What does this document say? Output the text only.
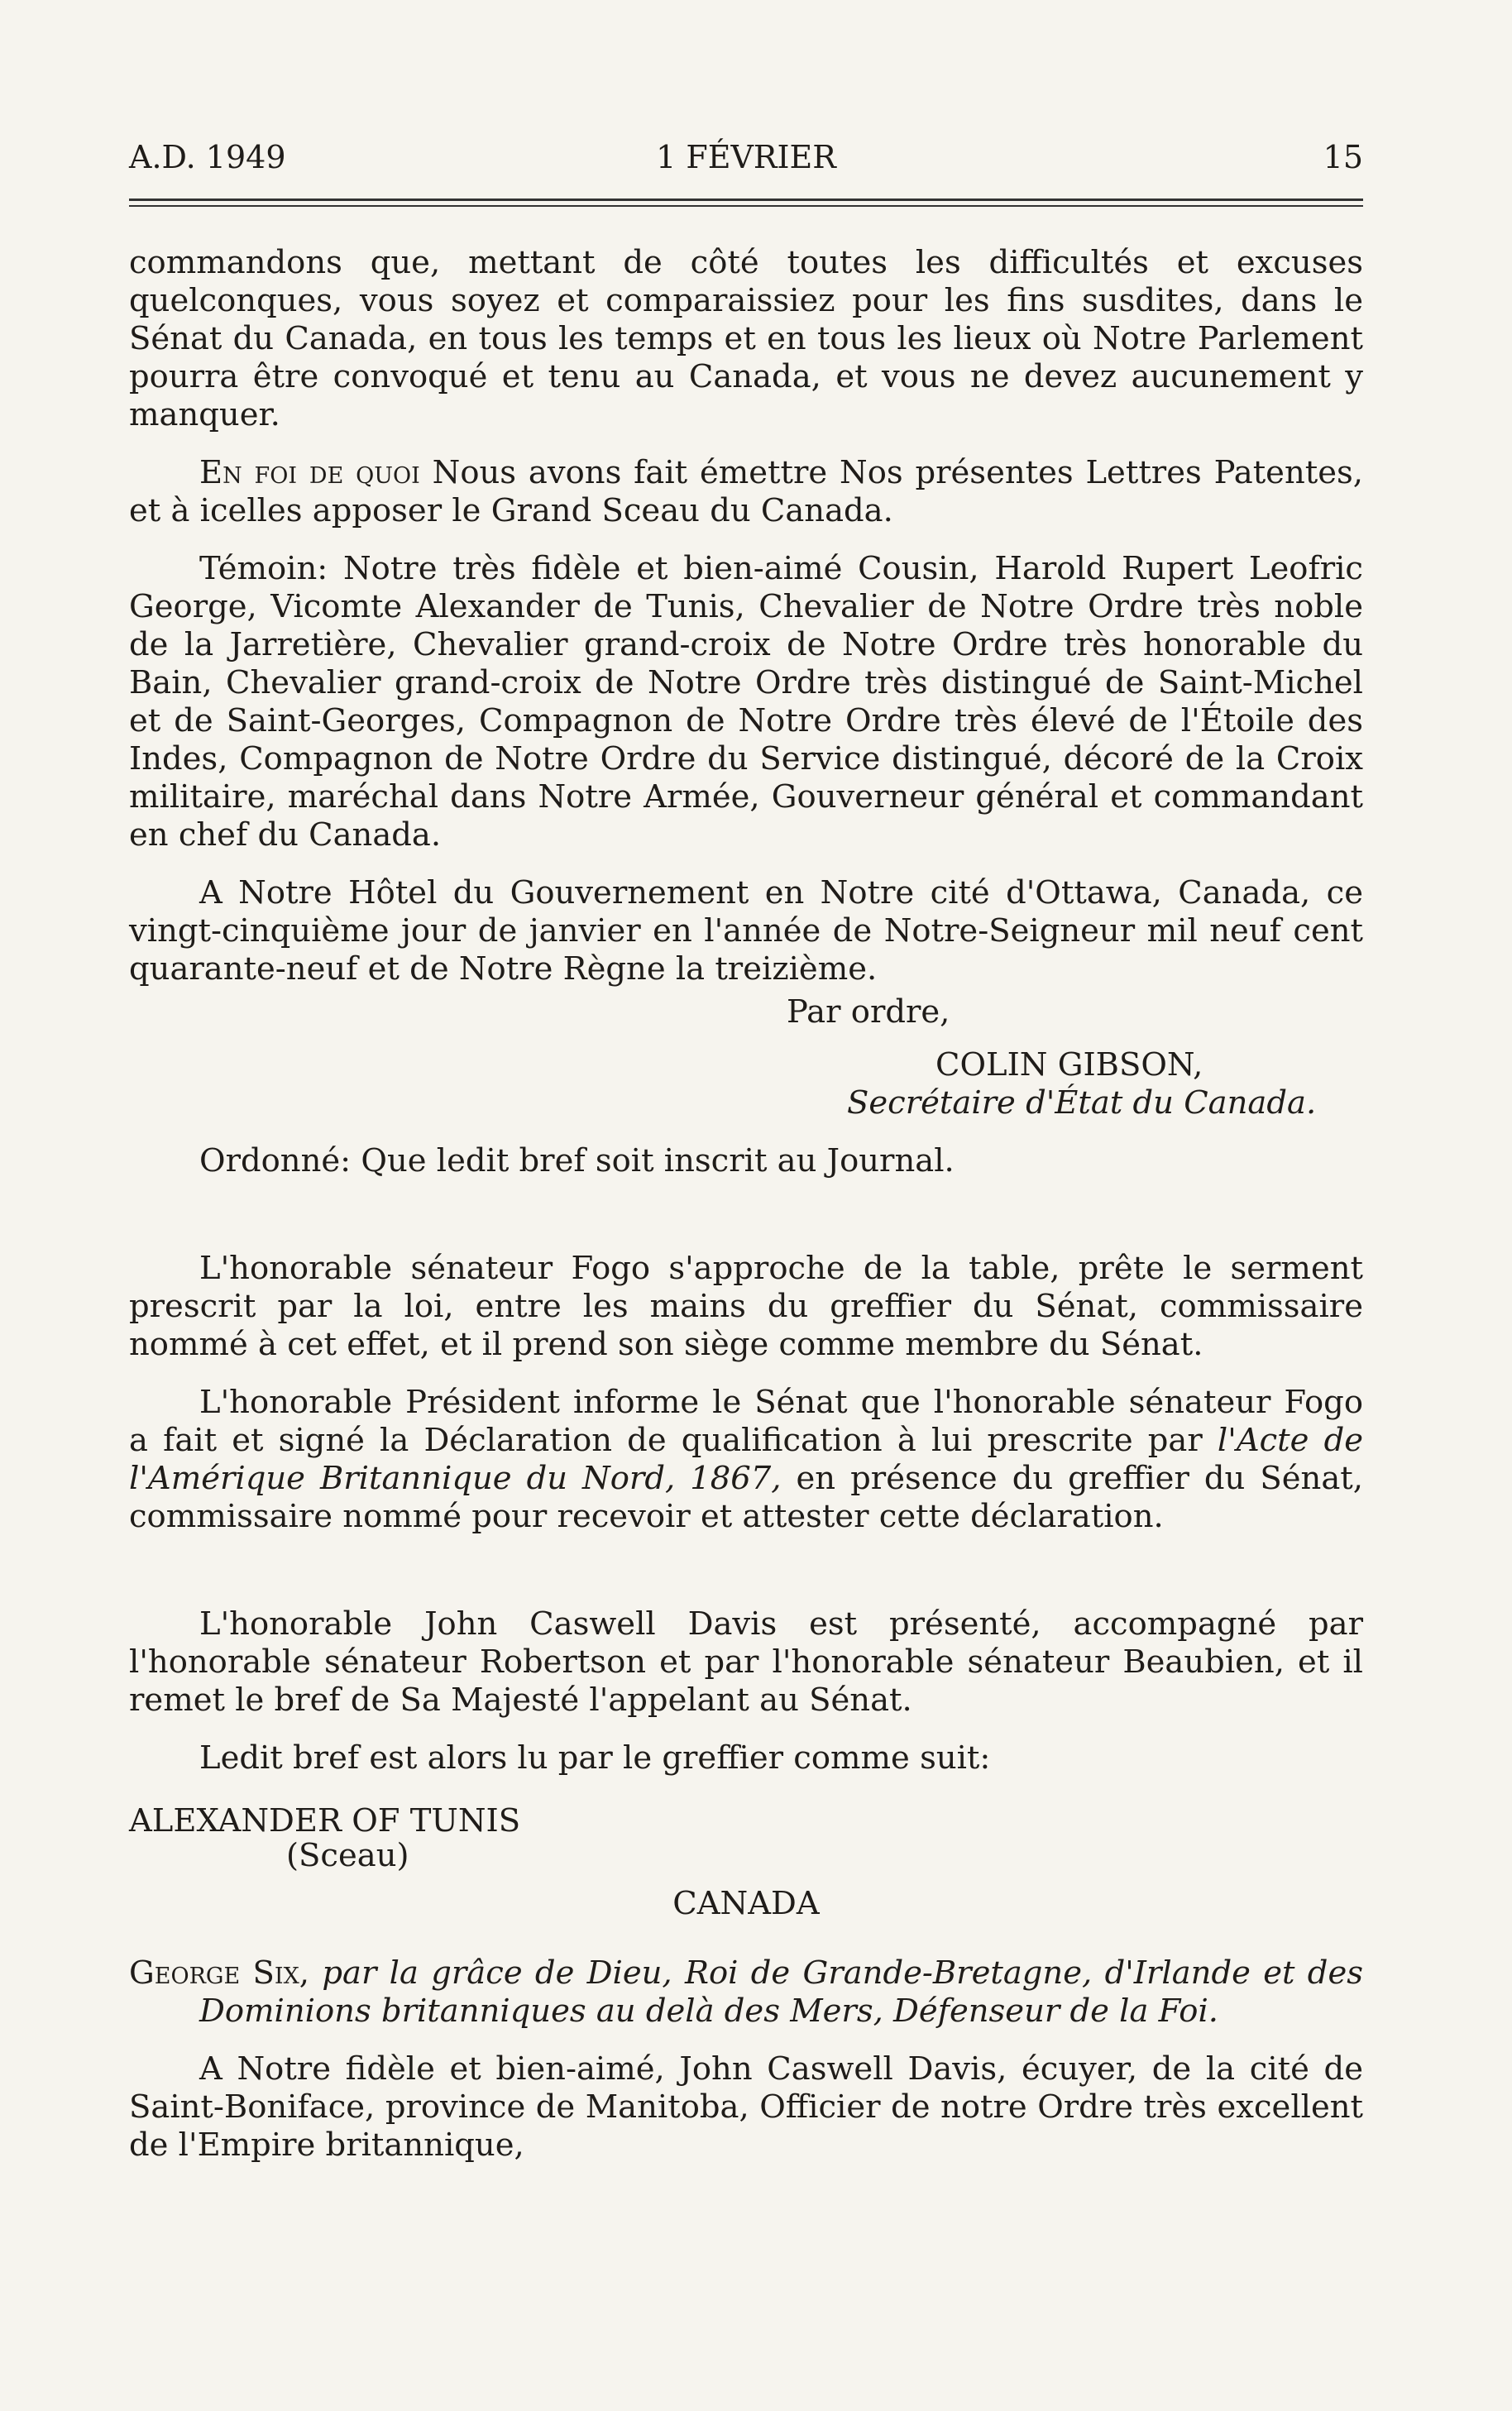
A.D. 1949	1 FÉVRIER	15

commandons que, mettant de côté toutes les difficultés et excuses quelconques, vous soyez et comparaissiez pour les fins susdites, dans le Sénat du Canada, en tous les temps et en tous les lieux où Notre Parlement pourra être convoqué et tenu au Canada, et vous ne devez aucunement y manquer.

En foi de quoi Nous avons fait émettre Nos présentes Lettres Patentes, et à icelles apposer le Grand Sceau du Canada.

Témoin: Notre très fidèle et bien-aimé Cousin, Harold Rupert Leofric George, Vicomte Alexander de Tunis, Chevalier de Notre Ordre très noble de la Jarretière, Chevalier grand-croix de Notre Ordre très honorable du Bain, Chevalier grand-croix de Notre Ordre très distingué de Saint-Michel et de Saint-Georges, Compagnon de Notre Ordre très élevé de l'Étoile des Indes, Compagnon de Notre Ordre du Service distingué, décoré de la Croix militaire, maréchal dans Notre Armée, Gouverneur général et commandant en chef du Canada.

A Notre Hôtel du Gouvernement en Notre cité d'Ottawa, Canada, ce vingt-cinquième jour de janvier en l'année de Notre-Seigneur mil neuf cent quarante-neuf et de Notre Règne la treizième.

Par ordre,

COLIN GIBSON,

Secrétaire d'État du Canada.

Ordonné: Que ledit bref soit inscrit au Journal.

L'honorable sénateur Fogo s'approche de la table, prête le serment prescrit par la loi, entre les mains du greffier du Sénat, commissaire nommé à cet effet, et il prend son siège comme membre du Sénat.

L'honorable Président informe le Sénat que l'honorable sénateur Fogo a fait et signé la Déclaration de qualification à lui prescrite par l'Acte de l'Amérique Britannique du Nord, 1867, en présence du greffier du Sénat, commissaire nommé pour recevoir et attester cette déclaration.

L'honorable John Caswell Davis est présenté, accompagné par l'honorable sénateur Robertson et par l'honorable sénateur Beaubien, et il remet le bref de Sa Majesté l'appelant au Sénat.

Ledit bref est alors lu par le greffier comme suit:

ALEXANDER OF TUNIS

(Sceau)

CANADA

George Six, par la grâce de Dieu, Roi de Grande-Bretagne, d'Irlande et des Dominions britanniques au delà des Mers, Défenseur de la Foi.

A Notre fidèle et bien-aimé, John Caswell Davis, écuyer, de la cité de Saint-Boniface, province de Manitoba, Officier de notre Ordre très excellent de l'Empire britannique,
